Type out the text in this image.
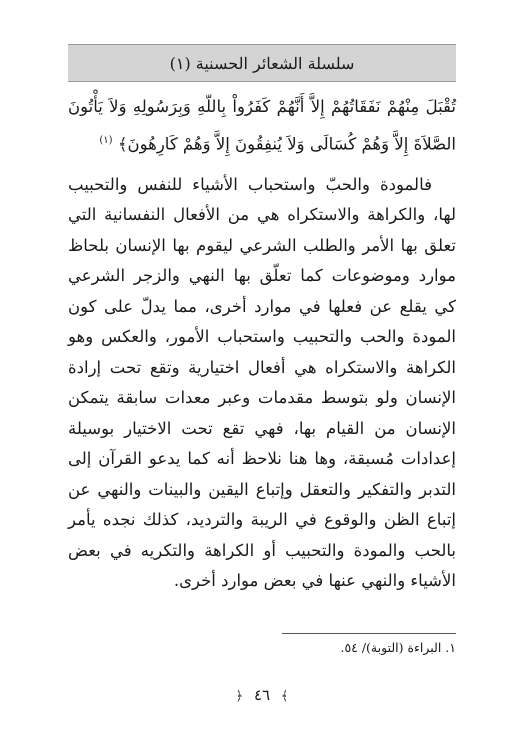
سلسلة الشعائر الحسنية (١)

تُقْبَلَ مِنْهُمْ نَفَقَاتُهُمْ إِلاَّ أَنَّهُمْ كَفَرُواْ بِاللّهِ وَبِرَسُولِهِ وَلاَ يَأْتُونَ الصَّلاَةَ إِلاَّ وَهُمْ كُسَالَى وَلاَ يُنفِقُونَ إِلاَّ وَهُمْ كَارِهُونَ﴾ $^{(١)}$

فالمودة والحبّ واستحباب الأشياء للنفس والتحبيب لها، والكراهة والاستكراه هي من الأفعال النفسانية التي تعلق بها الأمر والطلب الشرعي ليقوم بها الإنسان بلحاظ موارد وموضوعات كما تعلّق بها النهي والزجر الشرعي كي يقلع عن فعلها في موارد أخرى، مما يدلّ على كون المودة والحب والتحبيب واستحباب الأمور، والعكس وهو الكراهة والاستكراه هي أفعال اختيارية وتقع تحت إرادة الإنسان ولو بتوسط مقدمات وعبر معدات سابقة يتمكن الإنسان من القيام بها، فهي تقع تحت الاختيار بوسيلة إعدادات مُسبقة، وها هنا نلاحظ أنه كما يدعو القرآن إلى التدبر والتفكير والتعقل وإتباع اليقين والبينات والنهي عن إتباع الظن والوقوع في الريبة والترديد، كذلك نجده يأمر بالحب والمودة والتحبيب أو الكراهة والتكريه في بعض الأشياء والنهي عنها في بعض موارد أخرى.

١. البراءة (التوبة)/ ٥٤.
﴾ ٤٦ ﴿
